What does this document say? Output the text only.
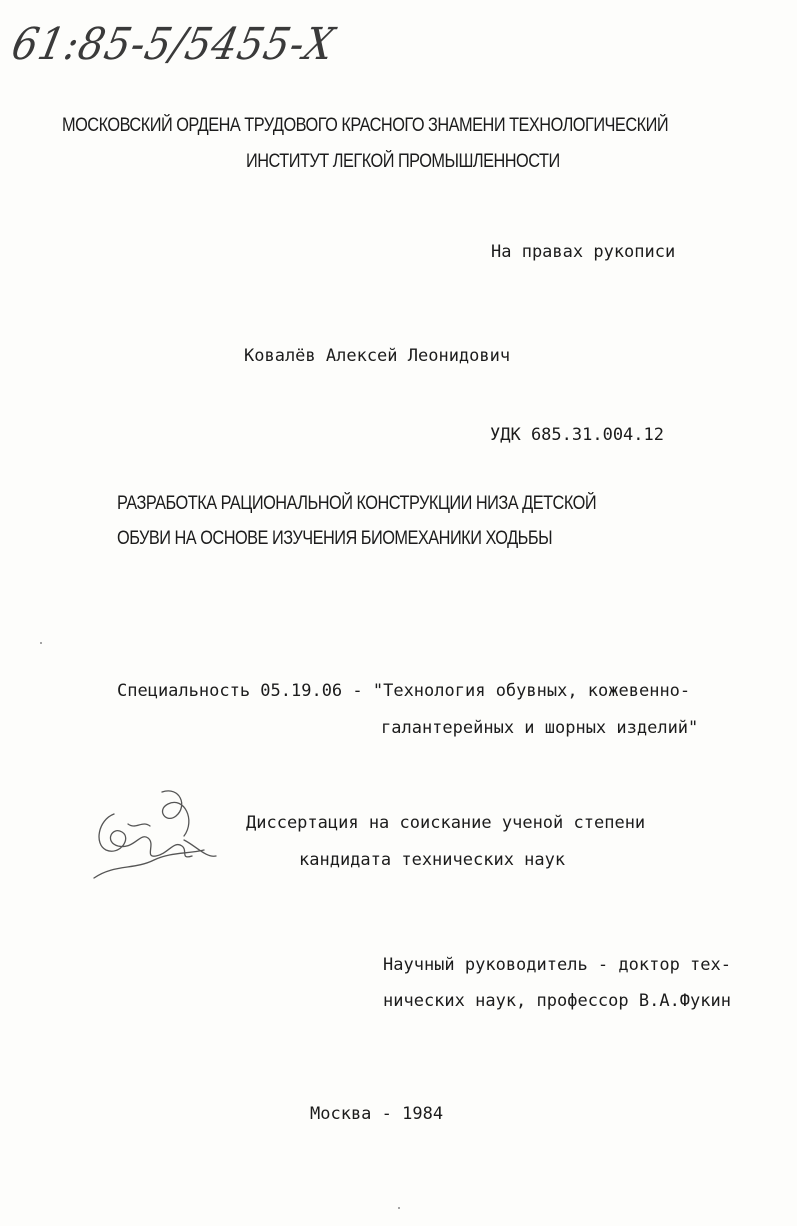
61:85-5/5455-Х
МОСКОВСКИЙ ОРДЕНА ТРУДОВОГО КРАСНОГО ЗНАМЕНИ ТЕХНОЛОГИЧЕСКИЙ
ИНСТИТУТ ЛЕГКОЙ ПРОМЫШЛЕННОСТИ
На правах рукописи
Ковалёв Алексей Леонидович
УДК 685.31.004.12
РАЗРАБОТКА РАЦИОНАЛЬНОЙ КОНСТРУКЦИИ НИЗА ДЕТСКОЙ
ОБУВИ НА ОСНОВЕ ИЗУЧЕНИЯ БИОМЕХАНИКИ ХОДЬБЫ
Специальность 05.19.06 - "Технология обувных, кожевенно-
галантерейных и шорных изделий"
Диссертация на соискание ученой степени
кандидата технических наук
Научный руководитель - доктор тех-
нических наук, профессор В.А.Фукин
Москва - 1984
